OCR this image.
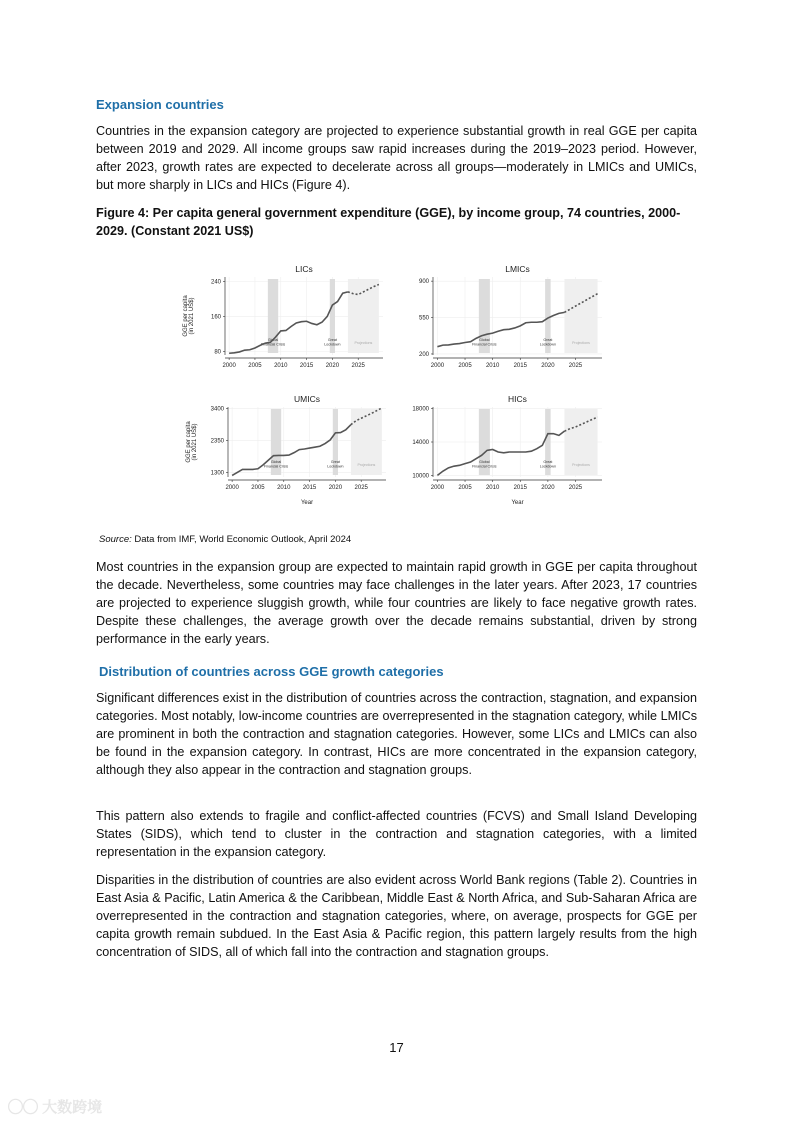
Expansion countries

Countries in the expansion category are projected to experience substantial growth in real GGE per capita between 2019 and 2029. All income groups saw rapid increases during the 2019–2023 period. However, after 2023, growth rates are expected to decelerate across all groups—moderately in LMICs and UMICs, but more sharply in LICs and HICs (Figure 4).

Figure 4: Per capita general government expenditure (GGE), by income group, 74 countries, 2000-2029. (Constant 2021 US$)

Global
Financial Crisis
Great
Lockdown	Projections
80
160
240
2000 2005 2010 2015 2020 2025
LICs
GGE per capita (in 2021 US$)
Global
Financial Crisis
Great
Lockdown	Projections
200
550
900
2000 2005 2010 2015 2020 2025
LMICs
Global
Financial Crisis
Great
Lockdown	Projections
1300
2350
3400
2000 2005 2010 2015 2020 2025
UMICs
GGE per capita (in 2021 US$)
Year
Global
Financial Crisis
Great
Lockdown	Projections
10000
14000
18000
2000 2005 2010 2015 2020 2025
HICs
Year
Source: Data from IMF, World Economic Outlook, April 2024

Most countries in the expansion group are expected to maintain rapid growth in GGE per capita throughout the decade. Nevertheless, some countries may face challenges in the later years. After 2023, 17 countries are projected to experience sluggish growth, while four countries are likely to face negative growth rates. Despite these challenges, the average growth over the decade remains substantial, driven by strong performance in the early years.

Distribution of countries across GGE growth categories

Significant differences exist in the distribution of countries across the contraction, stagnation, and expansion categories. Most notably, low-income countries are overrepresented in the stagnation category, while LMICs are prominent in both the contraction and stagnation categories. However, some LICs and LMICs can also be found in the expansion category. In contrast, HICs are more concentrated in the expansion category, although they also appear in the contraction and stagnation groups.

This pattern also extends to fragile and conflict-affected countries (FCVS) and Small Island Developing States (SIDS), which tend to cluster in the contraction and stagnation categories, with a limited representation in the expansion category.

Disparities in the distribution of countries are also evident across World Bank regions (Table 2). Countries in East Asia & Pacific, Latin America & the Caribbean, Middle East & North Africa, and Sub-Saharan Africa are overrepresented in the contraction and stagnation categories, where, on average, prospects for GGE per capita growth remain subdued. In the East Asia & Pacific region, this pattern largely results from the high concentration of SIDS, all of which fall into the contraction and stagnation groups.

17
◯◯ 大数跨境
